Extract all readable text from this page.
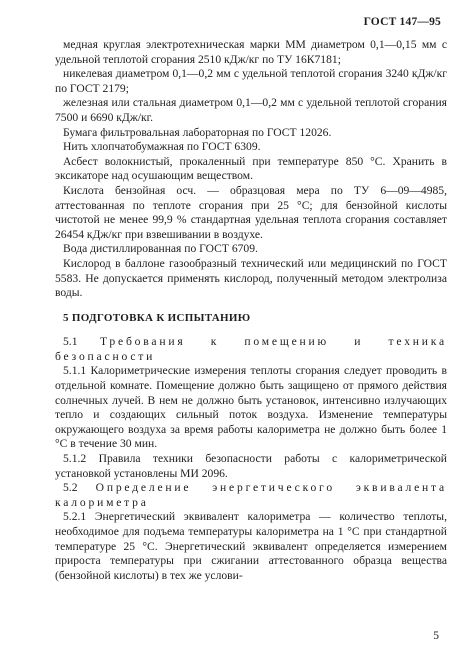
ГОСТ 147—95

медная круглая электротехническая марки ММ диаметром 0,1—0,15 мм с удельной теплотой сгорания 2510 кДж/кг по ТУ 16К7181;

никелевая диаметром 0,1—0,2 мм с удельной теплотой сгорания 3240 кДж/кг по ГОСТ 2179;

железная или стальная диаметром 0,1—0,2 мм с удельной теплотой сгорания 7500 и 6690 кДж/кг.

Бумага фильтровальная лабораторная по ГОСТ 12026.

Нить хлопчатобумажная по ГОСТ 6309.

Асбест волокнистый, прокаленный при температуре 850 °С. Хранить в эксикаторе над осушающим веществом.

Кислота бензойная осч. — образцовая мера по ТУ 6—09—4985, аттестованная по теплоте сгорания при 25 °С; для бензойной кислоты чистотой не менее 99,9 % стандартная удельная теплота сгорания составляет 26454 кДж/кг при взвешивании в воздухе.

Вода дистиллированная по ГОСТ 6709.

Кислород в баллоне газообразный технический или медицинский по ГОСТ 5583. Не допускается применять кислород, полученный методом электролиза воды.

5 ПОДГОТОВКА К ИСПЫТАНИЮ

5.1 Требования к помещению и техника безопасности

5.1.1 Калориметрические измерения теплоты сгорания следует проводить в отдельной комнате. Помещение должно быть защищено от прямого действия солнечных лучей. В нем не должно быть установок, интенсивно излучающих тепло и создающих сильный поток воздуха. Изменение температуры окружающего воздуха за время работы калориметра не должно быть более 1 °С в течение 30 мин.

5.1.2 Правила техники безопасности работы с калориметрической установкой установлены МИ 2096.

5.2 Определение энергетического эквивалента калориметра

5.2.1 Энергетический эквивалент калориметра — количество теплоты, необходимое для подъема температуры калориметра на 1 °С при стандартной температуре 25 °С. Энергетический эквивалент определяется измерением прироста температуры при сжигании аттестованного образца вещества (бензойной кислоты) в тех же услови-

5
